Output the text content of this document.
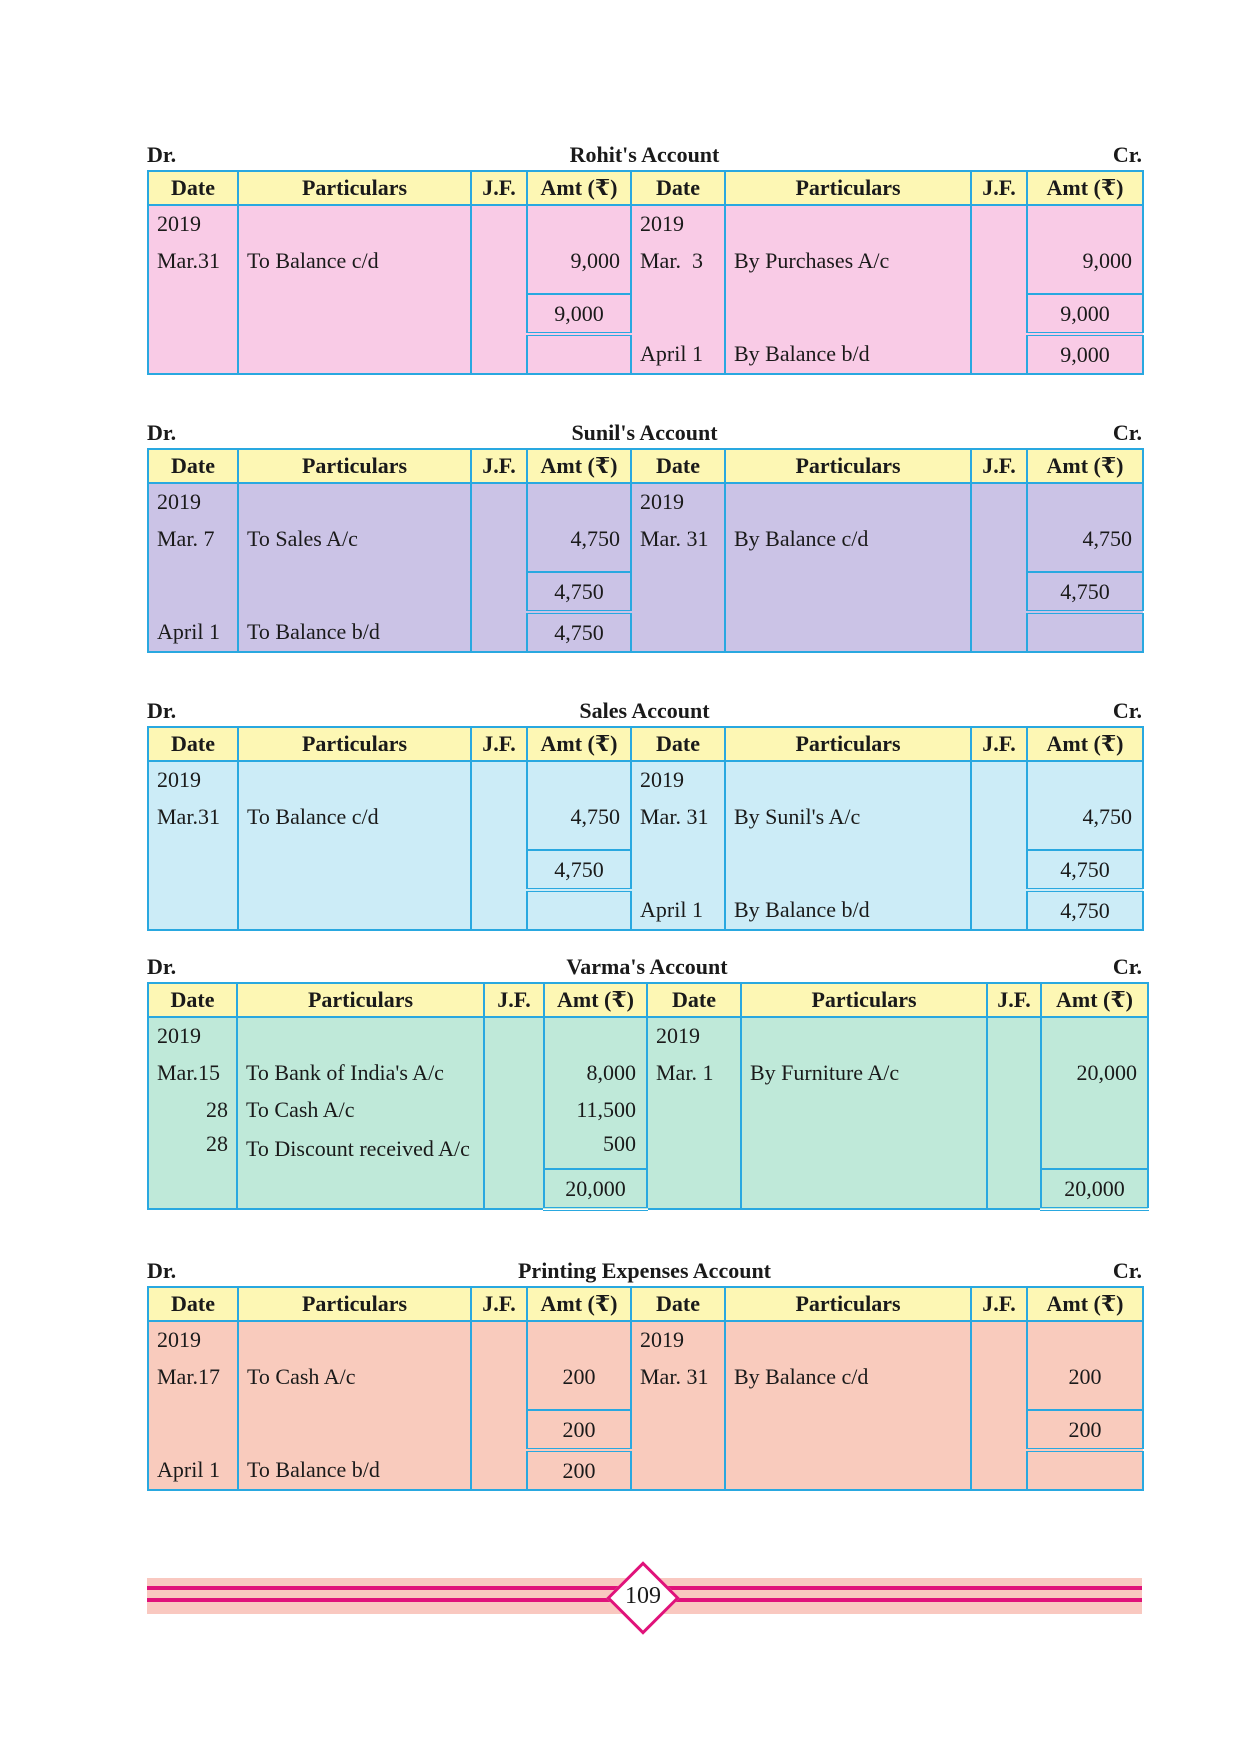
Dr.	Rohit's Account	Cr.
Date	Particulars	J.F.	Amt (₹)	Date	Particulars	J.F.	Amt (₹)
2019				2019			
Mar.31	To Balance c/d		9,000	Mar.  3	By Purchases A/c		9,000

			9,000				9,000
				April 1	By Balance b/d		9,000
Dr.	Sunil's Account	Cr.
Date	Particulars	J.F.	Amt (₹)	Date	Particulars	J.F.	Amt (₹)
2019				2019			
Mar. 7	To Sales A/c		4,750	Mar. 31	By Balance c/d		4,750

			4,750				4,750
April 1	To Balance b/d		4,750				
Dr.	Sales Account	Cr.
Date	Particulars	J.F.	Amt (₹)	Date	Particulars	J.F.	Amt (₹)
2019				2019			
Mar.31	To Balance c/d		4,750	Mar. 31	By Sunil's A/c		4,750

			4,750				4,750
				April 1	By Balance b/d		4,750
Dr.	Varma's Account	Cr.
Date	Particulars	J.F.	Amt (₹)	Date	Particulars	J.F.	Amt (₹)
2019				2019			
Mar.15	To Bank of India's A/c		8,000	Mar. 1	By Furniture A/c		20,000
28	To Cash A/c		11,500				
28	To Discount received A/c		500				
			20,000				20,000
Dr.	Printing Expenses Account	Cr.
Date	Particulars	J.F.	Amt (₹)	Date	Particulars	J.F.	Amt (₹)
2019				2019			
Mar.17	To Cash A/c		200	Mar. 31	By Balance c/d		200

			200				200
April 1	To Balance b/d		200				
109
